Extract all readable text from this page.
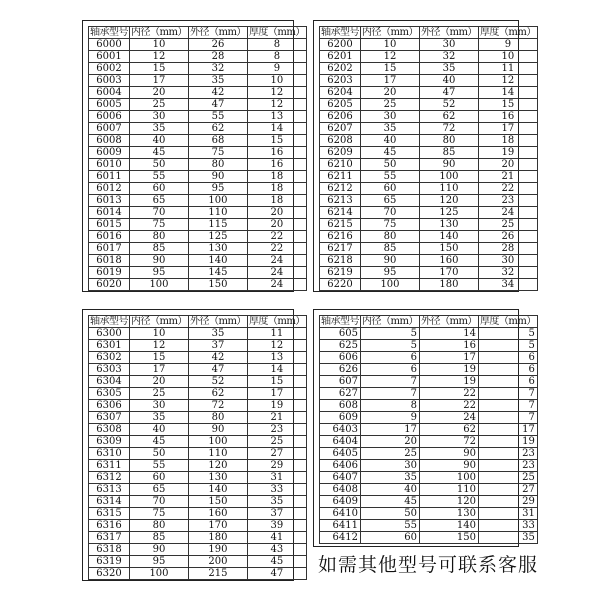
轴承型号	内径（mm）	外径（mm）	厚度（mm）
6000	10	26	8
6001	12	28	8
6002	15	32	9
6003	17	35	10
6004	20	42	12
6005	25	47	12
6006	30	55	13
6007	35	62	14
6008	40	68	15
6009	45	75	16
6010	50	80	16
6011	55	90	18
6012	60	95	18
6013	65	100	18
6014	70	110	20
6015	75	115	20
6016	80	125	22
6017	85	130	22
6018	90	140	24
6019	95	145	24
6020	100	150	24
轴承型号	内径（mm）	外径（mm）	厚度（mm）
6200	10	30	9
6201	12	32	10
6202	15	35	11
6203	17	40	12
6204	20	47	14
6205	25	52	15
6206	30	62	16
6207	35	72	17
6208	40	80	18
6209	45	85	19
6210	50	90	20
6211	55	100	21
6212	60	110	22
6213	65	120	23
6214	70	125	24
6215	75	130	25
6216	80	140	26
6217	85	150	28
6218	90	160	30
6219	95	170	32
6220	100	180	34
轴承型号	内径（mm）	外径（mm）	厚度（mm）
6300	10	35	11
6301	12	37	12
6302	15	42	13
6303	17	47	14
6304	20	52	15
6305	25	62	17
6306	30	72	19
6307	35	80	21
6308	40	90	23
6309	45	100	25
6310	50	110	27
6311	55	120	29
6312	60	130	31
6313	65	140	33
6314	70	150	35
6315	75	160	37
6316	80	170	39
6317	85	180	41
6318	90	190	43
6319	95	200	45
6320	100	215	47
轴承型号	内径（mm）	外径（mm）	厚度（mm）
605	5	14	5
625	5	16	5
606	6	17	6
626	6	19	6
607	7	19	6
627	7	22	7
608	8	22	7
609	9	24	7
6403	17	62	17
6404	20	72	19
6405	25	90	23
6406	30	90	23
6407	35	100	25
6408	40	110	27
6409	45	120	29
6410	50	130	31
6411	55	140	33
6412	60	150	35
如需其他型号可联系客服
